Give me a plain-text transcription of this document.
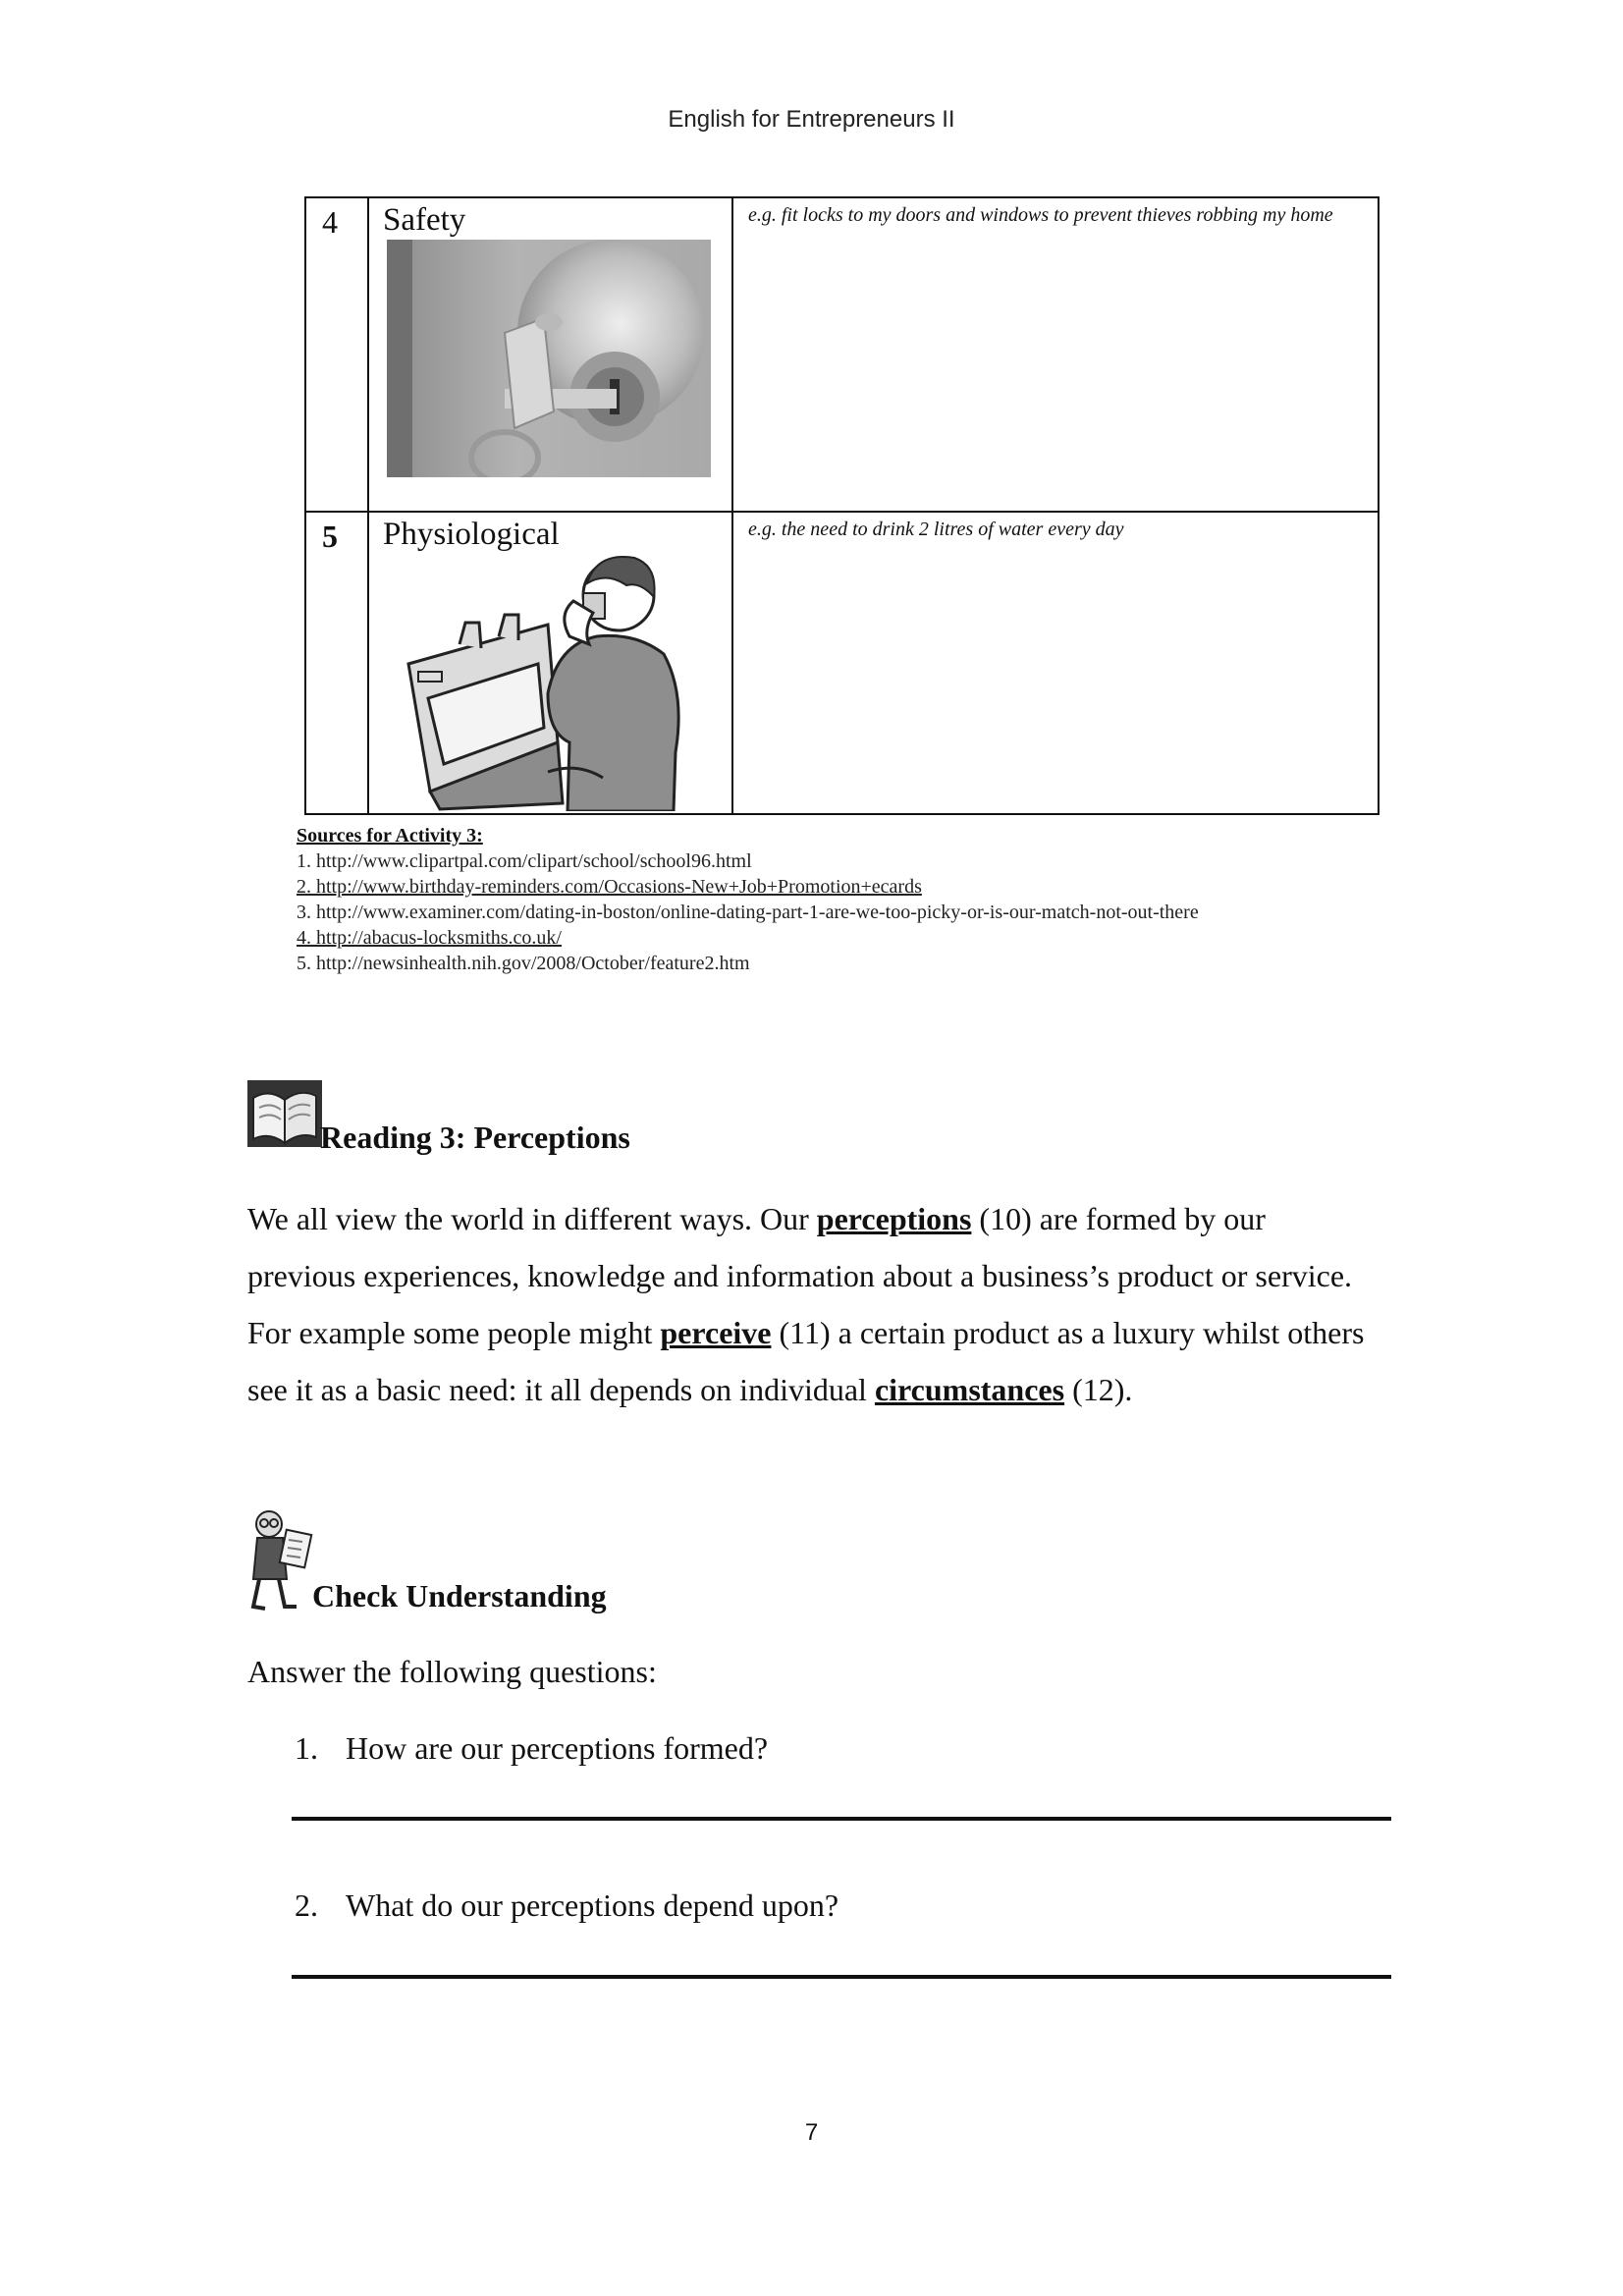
English for Entrepreneurs II
4 Safety	e.g. fit locks to my doors and windows to prevent thieves robbing my home
5 Physiological	e.g. the need to drink 2 litres of water every day
Sources for Activity 3:
1. http://www.clipartpal.com/clipart/school/school96.html
2. http://www.birthday-reminders.com/Occasions-New+Job+Promotion+ecards
3. http://www.examiner.com/dating-in-boston/online-dating-part-1-are-we-too-picky-or-is-our-match-not-out-there
4. http://abacus-locksmiths.co.uk/
5. http://newsinhealth.nih.gov/2008/October/feature2.htm
Reading 3: Perceptions
We all view the world in different ways. Our perceptions (10) are formed by our previous experiences, knowledge and information about a business’s product or service. For example some people might perceive (11) a certain product as a luxury whilst others see it as a basic need: it all depends on individual circumstances (12).
Check Understanding
Answer the following questions:
1. How are our perceptions formed?
2. What do our perceptions depend upon?
7
